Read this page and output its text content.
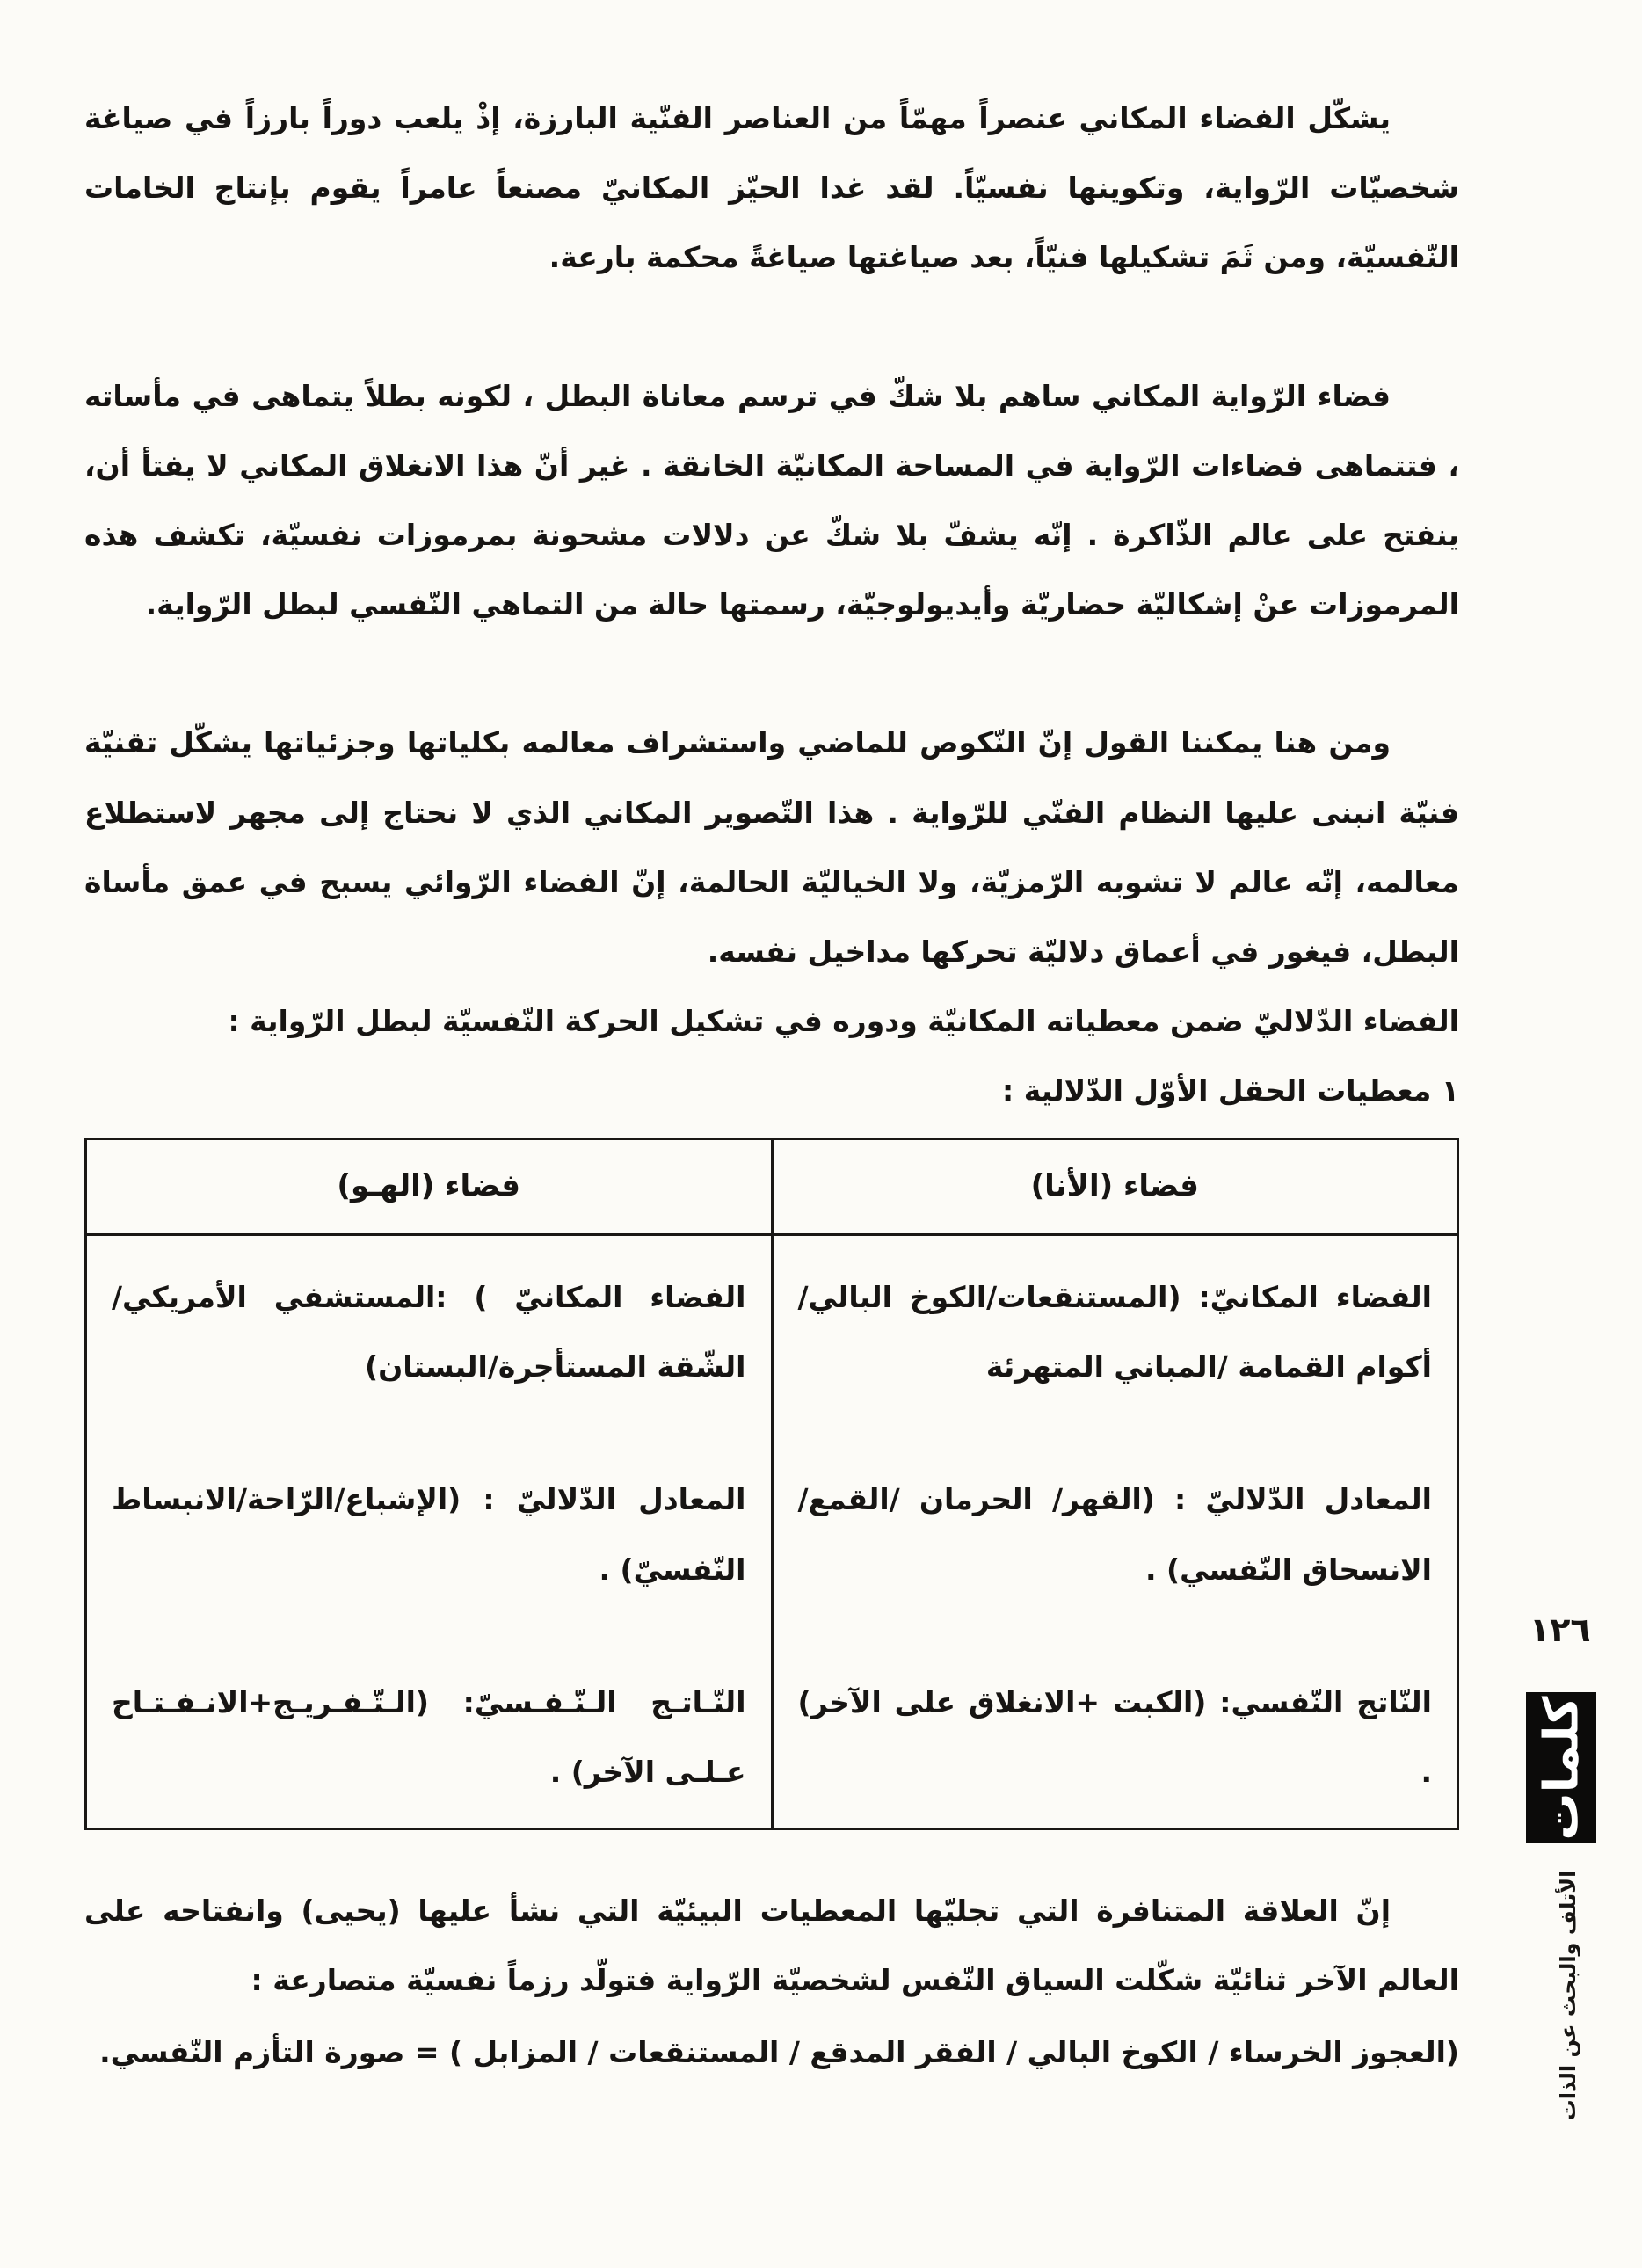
يشكّل الفضاء المكاني عنصراً مهمّاً من العناصر الفنّية البارزة، إذْ يلعب دوراً بارزاً في صياغة شخصيّات الرّواية، وتكوينها نفسيّاً. لقد غدا الحيّز المكانيّ مصنعاً عامراً يقوم بإنتاج الخامات النّفسيّة، ومن ثَمَ تشكيلها فنيّاً، بعد صياغتها صياغةً محكمة بارعة.

فضاء الرّواية المكاني ساهم بلا شكّ في ترسم معاناة البطل ، لكونه بطلاً يتماهى في مأساته ، فتتماهى فضاءات الرّواية في المساحة المكانيّة الخانقة . غير أنّ هذا الانغلاق المكاني لا يفتأ أن، ينفتح على عالم الذّاكرة . إنّه يشفّ بلا شكّ عن دلالات مشحونة بمرموزات نفسيّة، تكشف هذه المرموزات عنْ إشكاليّة حضاريّة وأيديولوجيّة، رسمتها حالة من التماهي النّفسي لبطل الرّواية.

ومن هنا يمكننا القول إنّ النّكوص للماضي واستشراف معالمه بكلياتها وجزئياتها يشكّل تقنيّة فنيّة انبنى عليها النظام الفنّي للرّواية . هذا التّصوير المكاني الذي لا نحتاج إلى مجهر لاستطلاع معالمه، إنّه عالم لا تشوبه الرّمزيّة، ولا الخياليّة الحالمة، إنّ الفضاء الرّوائي يسبح في عمق مأساة البطل، فيغور في أعماق دلاليّة تحركها مداخيل نفسه.

الفضاء الدّلاليّ ضمن معطياته المكانيّة ودوره في تشكيل الحركة النّفسيّة لبطل الرّواية :

١ معطيات الحقل الأوّل الدّلالية :

فضاء (الأنا)	فضاء (الهـو)

الفضاء المكانيّ: (المستنقعات/الكوخ البالي/أكوام القمامة /المباني المتهرئة
المعادل الدّلاليّ : (القهر/ الحرمان /القمع/ الانسحاق النّفسي) .
النّاتج النّفسي: (الكبت +الانغلاق على الآخر) .

الفضاء المكانيّ ) :المستشفي الأمريكي/الشّقة المستأجرة/البستان)
المعادل الدّلاليّ : (الإشباع/الرّاحة/الانبساط النّفسيّ) .
النّـاتـج الـنّـفـسيّ: (الـتّـفـريـج+الانـفـتـاح عـلـى الآخر) .

إنّ العلاقة المتنافرة التي تجليّها المعطيات البيئيّة التي نشأ عليها (يحيى) وانفتاحه على العالم الآخر ثنائيّة شكّلت السياق النّفس لشخصيّة الرّواية فتولّد رزماً نفسيّة متصارعة :

(العجوز الخرساء / الكوخ البالي / الفقر المدقع / المستنقعات / المزابل ) = صورة التأزم النّفسي.

١٢٦
كلمات
الأتلف والبحث عن الذات
